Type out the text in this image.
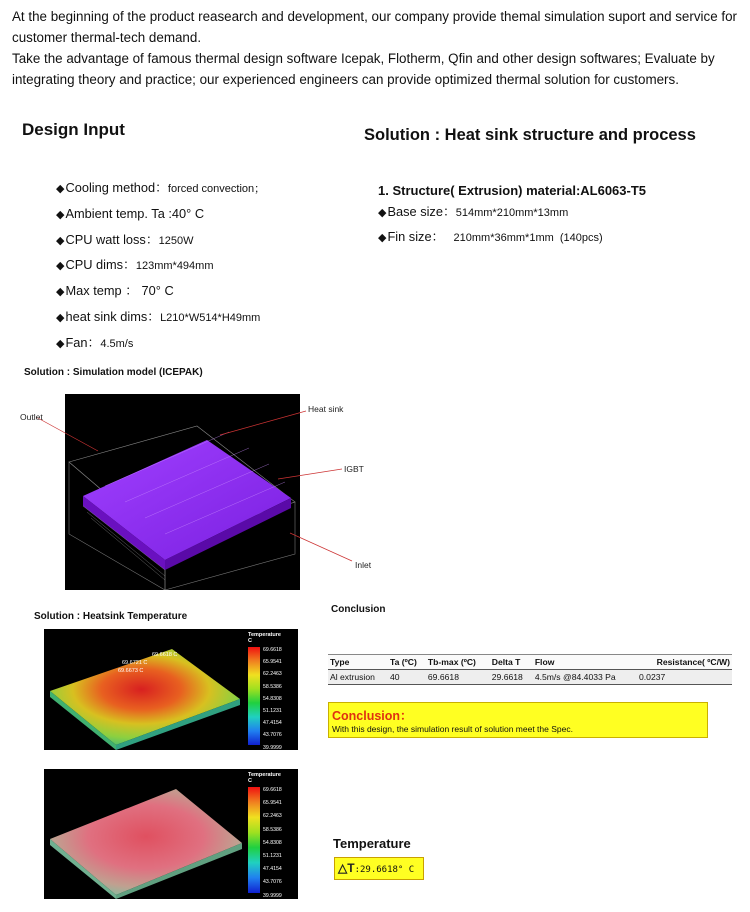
At the beginning of the product reasearch and development, our company provide themal simulation suport and service for customer thermal-tech demand.

Take the advantage of famous thermal design software Icepak, Flotherm, Qfin and other design softwares; Evaluate by integrating theory and practice; our experienced engineers can provide optimized thermal solution for customers.

Design Input	Solution : Heat sink structure and process
◆Cooling method：forced convection；
◆Ambient temp. Ta :40° C
◆CPU watt loss：1250W
◆CPU dims：123mm*494mm
◆Max temp ： 70° C
◆heat sink dims：L210*W514*H49mm
◆Fan：4.5m/s
1. Structure( Extrusion) material:AL6063-T5
◆Base size：514mm*210mm*13mm
◆Fin size：   210mm*36mm*1mm  (140pcs)
Solution : Simulation model (ICEPAK)
Outlet
Heat sink
IGBT
Inlet
Solution : Heatsink Temperature
69.6618 C
69.6721 C
69.6673 C
Temperature
C
69.6618
65.9541
62.2463
58.5386
54.8308
51.1231
47.4154
43.7076
39.9999
Temperature
C
69.6618
65.9541
62.2463
58.5386
54.8308
51.1231
47.4154
43.7076
39.9999
Conclusion
Type	Ta (ºC)	Tb-max (ºC)	Delta T	Flow	Resistance( ºC/W)
Al extrusion	40	69.6618	29.6618	4.5m/s @84.4033 Pa	0.0237
Conclusion：
With this design, the simulation result of solution meet the Spec.
Temperature
△T:29.6618° C
